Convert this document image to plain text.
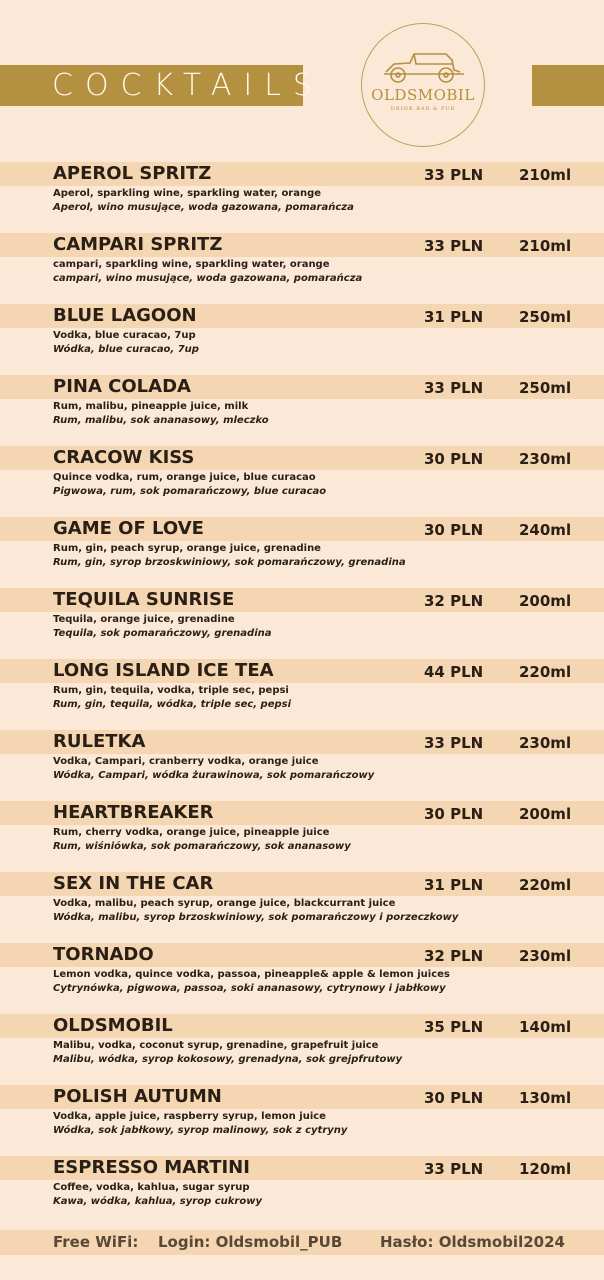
COCKTAILS	OLDSMOBIL
DRINK BAR & PUB
APEROL SPRITZ	33 PLN 210ml
Aperol, sparkling wine, sparkling water, orange
Aperol, wino musujące, woda gazowana, pomarańcza
CAMPARI SPRITZ	33 PLN 210ml
campari, sparkling wine, sparkling water, orange
campari, wino musujące, woda gazowana, pomarańcza
BLUE LAGOON	31 PLN 250ml
Vodka, blue curacao, 7up
Wódka, blue curacao, 7up
PINA COLADA	33 PLN 250ml
Rum, malibu, pineapple juice, milk
Rum, malibu, sok ananasowy, mleczko
CRACOW KISS	30 PLN 230ml
Quince vodka, rum, orange juice, blue curacao
Pigwowa, rum, sok pomarańczowy, blue curacao
GAME OF LOVE	30 PLN 240ml
Rum, gin, peach syrup, orange juice, grenadine
Rum, gin, syrop brzoskwiniowy, sok pomarańczowy, grenadina
TEQUILA SUNRISE	32 PLN 200ml
Tequila, orange juice, grenadine
Tequila, sok pomarańczowy, grenadina
LONG ISLAND ICE TEA	44 PLN 220ml
Rum, gin, tequila, vodka, triple sec, pepsi
Rum, gin, tequila, wódka, triple sec, pepsi
RULETKA	33 PLN 230ml
Vodka, Campari, cranberry vodka, orange juice
Wódka, Campari, wódka żurawinowa, sok pomarańczowy
HEARTBREAKER	30 PLN 200ml
Rum, cherry vodka, orange juice, pineapple juice
Rum, wiśniówka, sok pomarańczowy, sok ananasowy
SEX IN THE CAR	31 PLN 220ml
Vodka, malibu, peach syrup, orange juice, blackcurrant juice
Wódka, malibu, syrop brzoskwiniowy, sok pomarańczowy i porzeczkowy
TORNADO	32 PLN 230ml
Lemon vodka, quince vodka, passoa, pineapple& apple & lemon juices
Cytrynówka, pigwowa, passoa, soki ananasowy, cytrynowy i jabłkowy
OLDSMOBIL	35 PLN 140ml
Malibu, vodka, coconut syrup, grenadine, grapefruit juice
Malibu, wódka, syrop kokosowy, grenadyna, sok grejpfrutowy
POLISH AUTUMN	30 PLN 130ml
Vodka, apple juice, raspberry syrup, lemon juice
Wódka, sok jabłkowy, syrop malinowy, sok z cytryny
ESPRESSO MARTINI	33 PLN 120ml
Coffee, vodka, kahlua, sugar syrup
Kawa, wódka, kahlua, syrop cukrowy
Free WiFi: Login: Oldsmobil_PUB	Hasło: Oldsmobil2024
